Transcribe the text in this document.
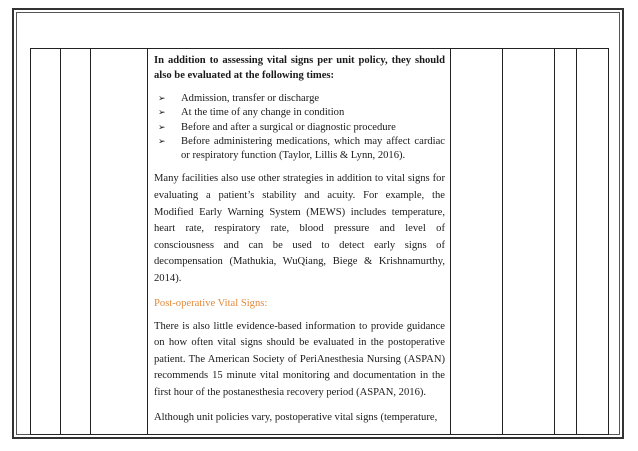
In addition to assessing vital signs per unit policy, they should also be evaluated at the following times:

➢ Admission, transfer or discharge
➢ At the time of any change in condition
➢ Before and after a surgical or diagnostic procedure
➢ Before administering medications, which may affect cardiac or respiratory function (Taylor, Lillis & Lynn, 2016).

Many facilities also use other strategies in addition to vital signs for evaluating a patient’s stability and acuity. For example, the Modified Early Warning System (MEWS) includes temperature, heart rate, respiratory rate, blood pressure and level of consciousness and can be used to detect early signs of decompensation (Mathukia, WuQiang, Biege & Krishnamurthy, 2014).

Post-operative Vital Signs:

There is also little evidence-based information to provide guidance on how often vital signs should be evaluated in the postoperative patient. The American Society of PeriAnesthesia Nursing (ASPAN) recommends 15 minute vital monitoring and documentation in the first hour of the postanesthesia recovery period (ASPAN, 2016).

Although unit policies vary, postoperative vital signs (temperature,
